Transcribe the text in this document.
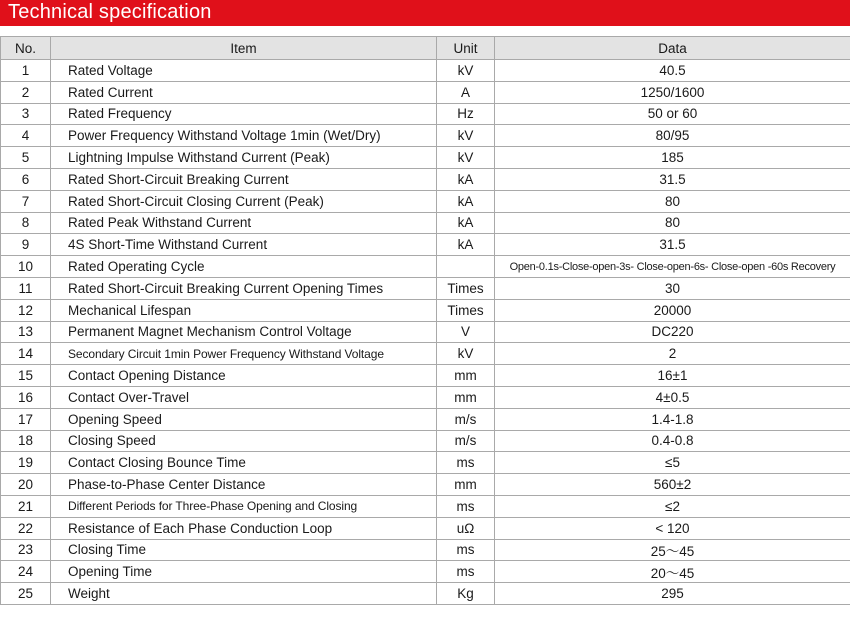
Technical specification
No.	Item	Unit	Data
1	Rated Voltage	kV	40.5
2	Rated Current	A	1250/1600
3	Rated Frequency	Hz	50 or 60
4	Power Frequency Withstand Voltage 1min (Wet/Dry)	kV	80/95
5	Lightning Impulse Withstand Current (Peak)	kV	185
6	Rated Short-Circuit Breaking Current	kA	31.5
7	Rated Short-Circuit Closing Current (Peak)	kA	80
8	Rated Peak Withstand Current	kA	80
9	4S Short-Time Withstand Current	kA	31.5
10	Rated Operating Cycle		Open-0.1s-Close-open-3s- Close-open-6s- Close-open -60s Recovery
11	Rated Short-Circuit Breaking Current Opening Times	Times	30
12	Mechanical Lifespan	Times	20000
13	Permanent Magnet Mechanism Control Voltage	V	DC220
14	Secondary Circuit 1min Power Frequency Withstand Voltage	kV	2
15	Contact Opening Distance	mm	16±1
16	Contact Over-Travel	mm	4±0.5
17	Opening Speed	m/s	1.4-1.8
18	Closing Speed	m/s	0.4-0.8
19	Contact Closing Bounce Time	ms	≤5
20	Phase-to-Phase Center Distance	mm	560±2
21	Different Periods for Three-Phase Opening and Closing	ms	≤2
22	Resistance of Each Phase Conduction Loop	uΩ	< 120
23	Closing Time	ms	25～45
24	Opening Time	ms	20～45
25	Weight	Kg	295
